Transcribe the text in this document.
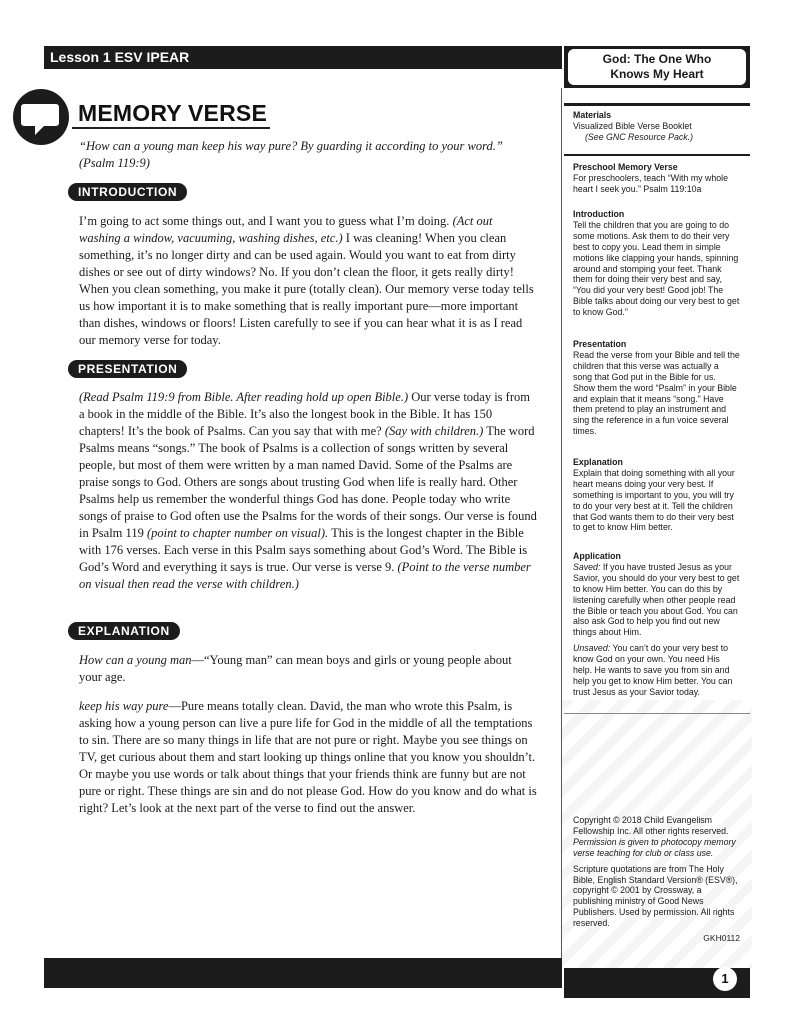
Lesson 1 ESV IPEAR	God: The One Who
Knows My Heart
MEMORY VERSE
“How can a young man keep his way pure? By guarding it according to your word.”
(Psalm 119:9)
INTRODUCTION

I’m going to act some things out, and I want you to guess what I’m doing. (Act out washing a window, vacuuming, washing dishes, etc.) I was cleaning! When you clean something, it’s no longer dirty and can be used again. Would you want to eat from dirty dishes or see out of dirty windows? No. If you don’t clean the floor, it gets really dirty! When you clean something, you make it pure (totally clean). Our memory verse today tells us how important it is to make something that is really important pure—more important than dishes, windows or floors! Listen carefully to see if you can hear what it is as I read our memory verse for today.

PRESENTATION

(Read Psalm 119:9 from Bible. After reading hold up open Bible.) Our verse today is from a book in the middle of the Bible. It’s also the longest book in the Bible. It has 150 chapters! It’s the book of Psalms. Can you say that with me? (Say with children.) The word Psalms means “songs.” The book of Psalms is a collection of songs written by several people, but most of them were written by a man named David. Some of the Psalms are praise songs to God. Others are songs about trusting God when life is really hard. Other Psalms help us remember the wonderful things God has done. People today who write songs of praise to God often use the Psalms for the words of their songs. Our verse is found in Psalm 119 (point to chapter number on visual). This is the longest chapter in the Bible with 176 verses. Each verse in this Psalm says something about God’s Word. The Bible is God’s Word and everything it says is true. Our verse is verse 9. (Point to the verse number on visual then read the verse with children.)

EXPLANATION

How can a young man—“Young man” can mean boys and girls or young people about your age.

keep his way pure—Pure means totally clean. David, the man who wrote this Psalm, is asking how a young person can live a pure life for God in the middle of all the temptations to sin. There are so many things in life that are not pure or right. Maybe you see things on TV, get curious about them and start looking up things online that you know you shouldn’t. Or maybe you use words or talk about things that your friends think are funny but are not pure or right. These things are sin and do not please God. How do you know and do what is right? Let’s look at the next part of the verse to find out the answer.

Materials
Visualized Bible Verse Booklet
(See GNC Resource Pack.)
Preschool Memory Verse
For preschoolers, teach “With my whole heart I seek you.” Psalm 119:10a
Introduction
Tell the children that you are going to do some motions. Ask them to do their very best to copy you. Lead them in simple motions like clapping your hands, spinning around and stomping your feet. Thank them for doing their very best and say, “You did your very best! Good job! The Bible talks about doing our very best to get to know God.”
Presentation
Read the verse from your Bible and tell the children that this verse was actually a song that God put in the Bible for us. Show them the word “Psalm” in your Bible and explain that it means “song.” Have them pretend to play an instrument and sing the reference in a fun voice several times.
Explanation
Explain that doing something with all your heart means doing your very best. If something is important to you, you will try to do your very best at it. Tell the children that God wants them to do their very best to get to know Him better.
Application
Saved: If you have trusted Jesus as your Savior, you should do your very best to get to know Him better. You can do this by listening carefully when other people read the Bible or teach you about God. You can also ask God to help you find out new things about Him.
Unsaved: You can’t do your very best to know God on your own. You need His help. He wants to save you from sin and help you get to know Him better. You can trust Jesus as your Savior today.
Copyright © 2018 Child Evangelism Fellowship Inc. All other rights reserved.
Permission is given to photocopy memory verse teaching for club or class use.
Scripture quotations are from The Holy Bible, English Standard Version® (ESV®), copyright © 2001 by Crossway, a publishing ministry of Good News Publishers. Used by permission. All rights reserved.
GKH0112
1
